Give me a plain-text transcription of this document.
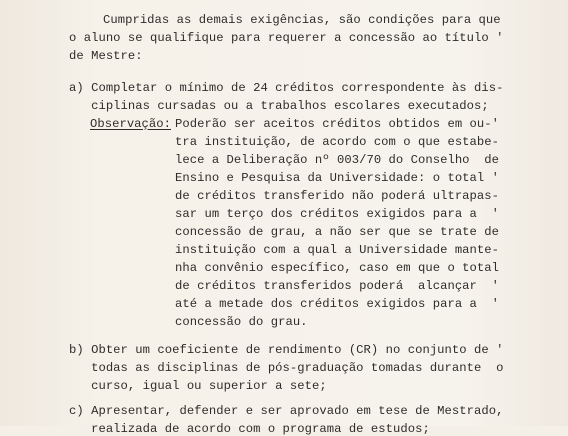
Cumpridas as demais exigências, são condições para que
o aluno se qualifique para requerer a concessão ao título '
de Mestre:
a) Completar o mínimo de 24 créditos correspondente às dis-
ciplinas cursadas ou a trabalhos escolares executados;
Observação: Poderão ser aceitos créditos obtidos em ou-'
tra instituição, de acordo com o que estabe-
lece a Deliberação nº 003/70 do Conselho  de
Ensino e Pesquisa da Universidade: o total '
de créditos transferido não poderá ultrapas-
sar um terço dos créditos exigidos para a  '
concessão de grau, a não ser que se trate de
instituição com a qual a Universidade mante-
nha convênio específico, caso em que o total
de créditos transferidos poderá  alcançar  '
até a metade dos créditos exigidos para a  '
concessão do grau.
b) Obter um coeficiente de rendimento (CR) no conjunto de '
todas as disciplinas de pós-graduação tomadas durante  o
curso, igual ou superior a sete;
c) Apresentar, defender e ser aprovado em tese de Mestrado,
realizada de acordo com o programa de estudos;
